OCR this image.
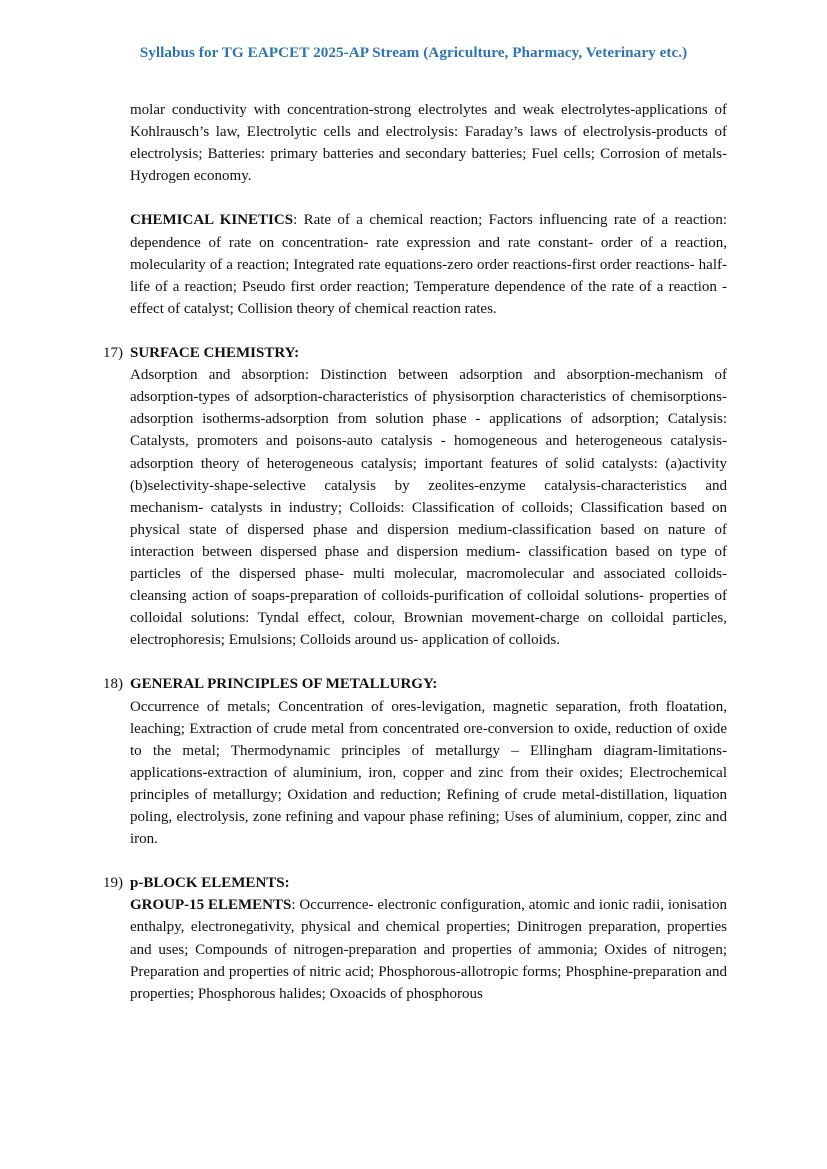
Syllabus for TG EAPCET 2025-AP Stream (Agriculture, Pharmacy, Veterinary etc.)

molar conductivity with concentration-strong electrolytes and weak electrolytes-applications of Kohlrausch’s law, Electrolytic cells and electrolysis: Faraday’s laws of electrolysis-products of electrolysis; Batteries: primary batteries and secondary batteries; Fuel cells; Corrosion of metals-Hydrogen economy.

CHEMICAL KINETICS: Rate of a chemical reaction; Factors influencing rate of a reaction: dependence of rate on concentration- rate expression and rate constant- order of a reaction, molecularity of a reaction; Integrated rate equations-zero order reactions-first order reactions- half-life of a reaction; Pseudo first order reaction; Temperature dependence of the rate of a reaction -effect of catalyst; Collision theory of chemical reaction rates.

17) SURFACE CHEMISTRY:

Adsorption and absorption: Distinction between adsorption and absorption-mechanism of adsorption-types of adsorption-characteristics of physisorption characteristics of chemisorptions-adsorption isotherms-adsorption from solution phase - applications of adsorption; Catalysis: Catalysts, promoters and poisons-auto catalysis - homogeneous and heterogeneous catalysis-adsorption theory of heterogeneous catalysis; important features of solid catalysts: (a)activity (b)selectivity-shape-selective catalysis by zeolites-enzyme catalysis-characteristics and mechanism- catalysts in industry; Colloids: Classification of colloids; Classification based on physical state of dispersed phase and dispersion medium-classification based on nature of interaction between dispersed phase and dispersion medium- classification based on type of particles of the dispersed phase- multi molecular, macromolecular and associated colloids- cleansing action of soaps-preparation of colloids-purification of colloidal solutions- properties of colloidal solutions: Tyndal effect, colour, Brownian movement-charge on colloidal particles, electrophoresis; Emulsions; Colloids around us- application of colloids.

18) GENERAL PRINCIPLES OF METALLURGY:

Occurrence of metals; Concentration of ores-levigation, magnetic separation, froth floatation, leaching; Extraction of crude metal from concentrated ore-conversion to oxide, reduction of oxide to the metal; Thermodynamic principles of metallurgy – Ellingham diagram-limitations-applications-extraction of aluminium, iron, copper and zinc from their oxides; Electrochemical principles of metallurgy; Oxidation and reduction; Refining of crude metal-distillation, liquation poling, electrolysis, zone refining and vapour phase refining; Uses of aluminium, copper, zinc and iron.

19) p-BLOCK ELEMENTS:

GROUP-15 ELEMENTS: Occurrence- electronic configuration, atomic and ionic radii, ionisation enthalpy, electronegativity, physical and chemical properties; Dinitrogen preparation, properties and uses; Compounds of nitrogen-preparation and properties of ammonia; Oxides of nitrogen; Preparation and properties of nitric acid; Phosphorous-allotropic forms; Phosphine-preparation and properties; Phosphorous halides; Oxoacids of phosphorous
